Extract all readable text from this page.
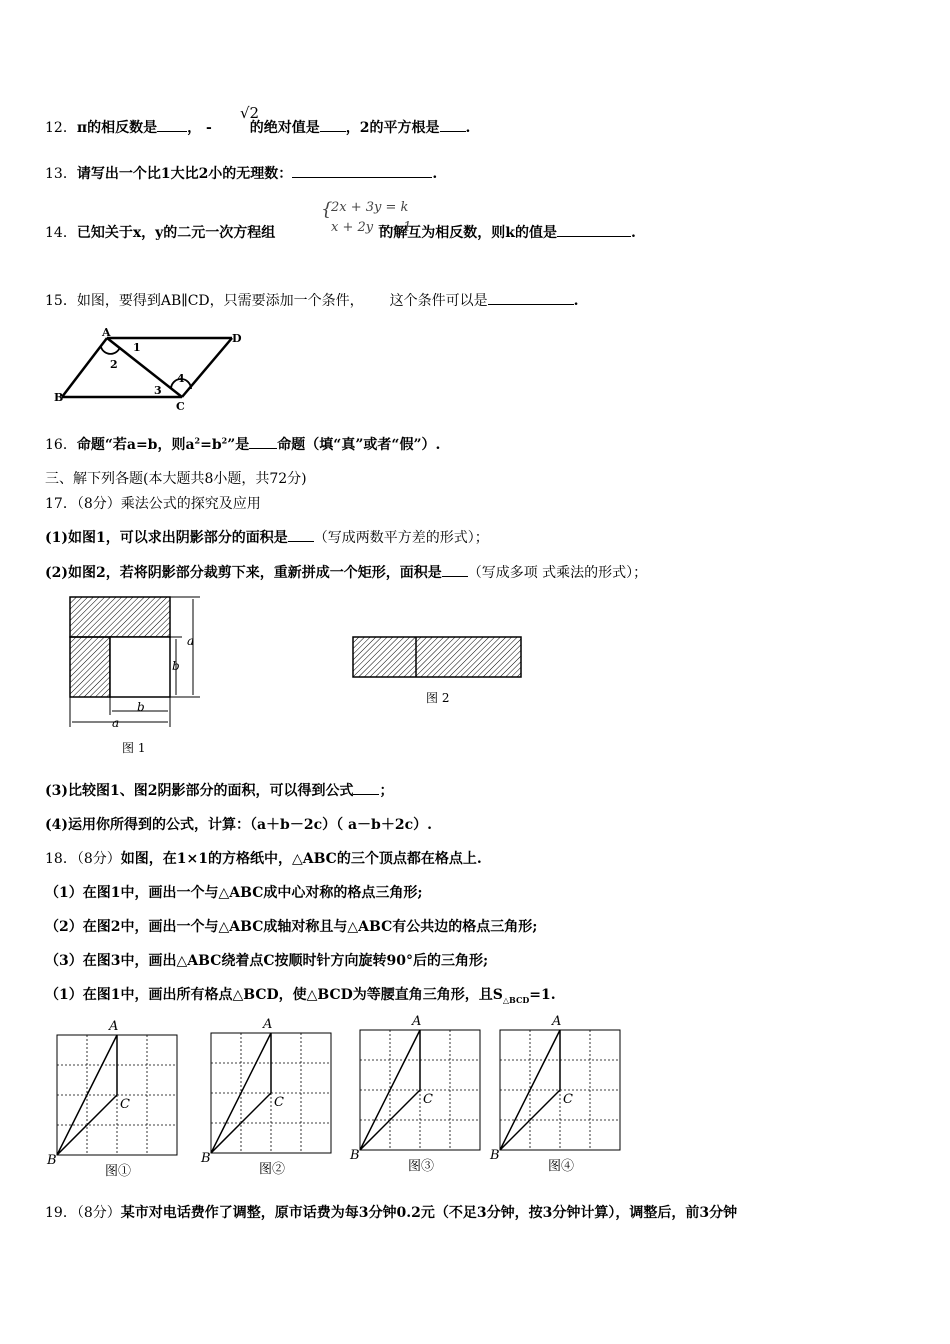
12．π的相反数是 ， -	的绝对值是 ，2的平方根是 .
√2
13．请写出一个比1大比2小的无理数：	.
{
2x + 3y = k
x + 2y = −1
14．已知关于x，y的二元一次方程组	的解互为相反数，则k的值是	.
15．如图，要得到AB∥CD，只需要添加一个条件， 这个条件可以是	.
A	D
B
C
1
2
3
4
16．命题“若a=b，则$a^2=b^2$”是 命题（填“真”或者“假”）.
三、解下列各题(本大题共8小题，共72分)
17．（8分）乘法公式的探究及应用
(1)如图1，可以求出阴影部分的面积是 （写成两数平方差的形式）；
(2)如图2，若将阴影部分裁剪下来，重新拼成一个矩形，面积是 （写成多项 式乘法的形式）；
a
b
a
b
图 1
图 2
(3)比较图1、图2阴影部分的面积，可以得到公式 ；
(4)运用你所得到的公式，计算：（a＋b－2c）（ a－b＋2c）.
18．（8分）如图，在1×1的方格纸中，△ABC的三个顶点都在格点上.
（1）在图1中，画出一个与△ABC成中心对称的格点三角形;
（2）在图2中，画出一个与△ABC成轴对称且与△ABC有公共边的格点三角形;
（3）在图3中，画出△ABC绕着点C按顺时针方向旋转90°后的三角形;
（1）在图1中，画出所有格点△BCD，使△BCD为等腰直角三角形，且$S_{\triangle BCD}=1$.
A
C
B
图①
A
C
B
图②
A
C
B
图③
A
C
B
图④
19．（8分）某市对电话费作了调整，原市话费为每3分钟0.2元（不足3分钟，按3分钟计算），调整后，前3分钟
